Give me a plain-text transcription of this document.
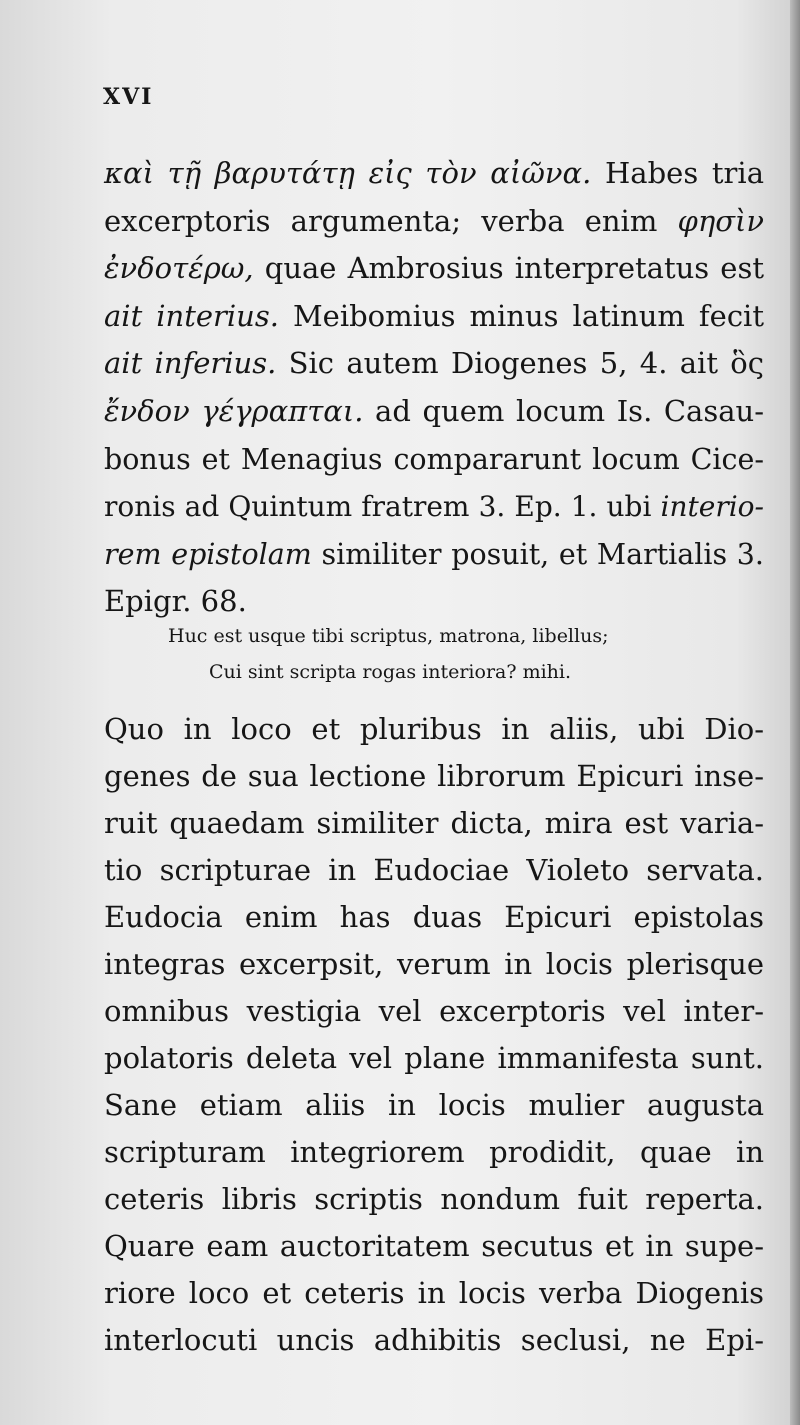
XVI
καὶ τῇ βαρυτάτῃ εἰς τὸν αἰῶνα. Habes tria
excerptoris argumenta; verba enim φησὶν
ἐνδοτέρω, quae Ambrosius interpretatus est
ait interius. Meibomius minus latinum fecit
ait inferius. Sic autem Diogenes 5, 4. ait ὃς
ἔνδον γέγραπται. ad quem locum Is. Casau-
bonus et Menagius compararunt locum Cice-
ronis ad Quintum fratrem 3. Ep. 1. ubi interio-
rem epistolam similiter posuit, et Martialis 3.
Epigr. 68.
Huc est usque tibi scriptus, matrona, libellus;
Cui sint scripta rogas interiora? mihi.
Quo in loco et pluribus in aliis, ubi Dio-
genes de sua lectione librorum Epicuri inse-
ruit quaedam similiter dicta, mira est varia-
tio scripturae in Eudociae Violeto servata.
Eudocia enim has duas Epicuri epistolas
integras excerpsit, verum in locis plerisque
omnibus vestigia vel excerptoris vel inter-
polatoris deleta vel plane immanifesta sunt.
Sane etiam aliis in locis mulier augusta
scripturam integriorem prodidit, quae in
ceteris libris scriptis nondum fuit reperta.
Quare eam auctoritatem secutus et in supe-
riore loco et ceteris in locis verba Diogenis
interlocuti uncis adhibitis seclusi, ne Epi-
